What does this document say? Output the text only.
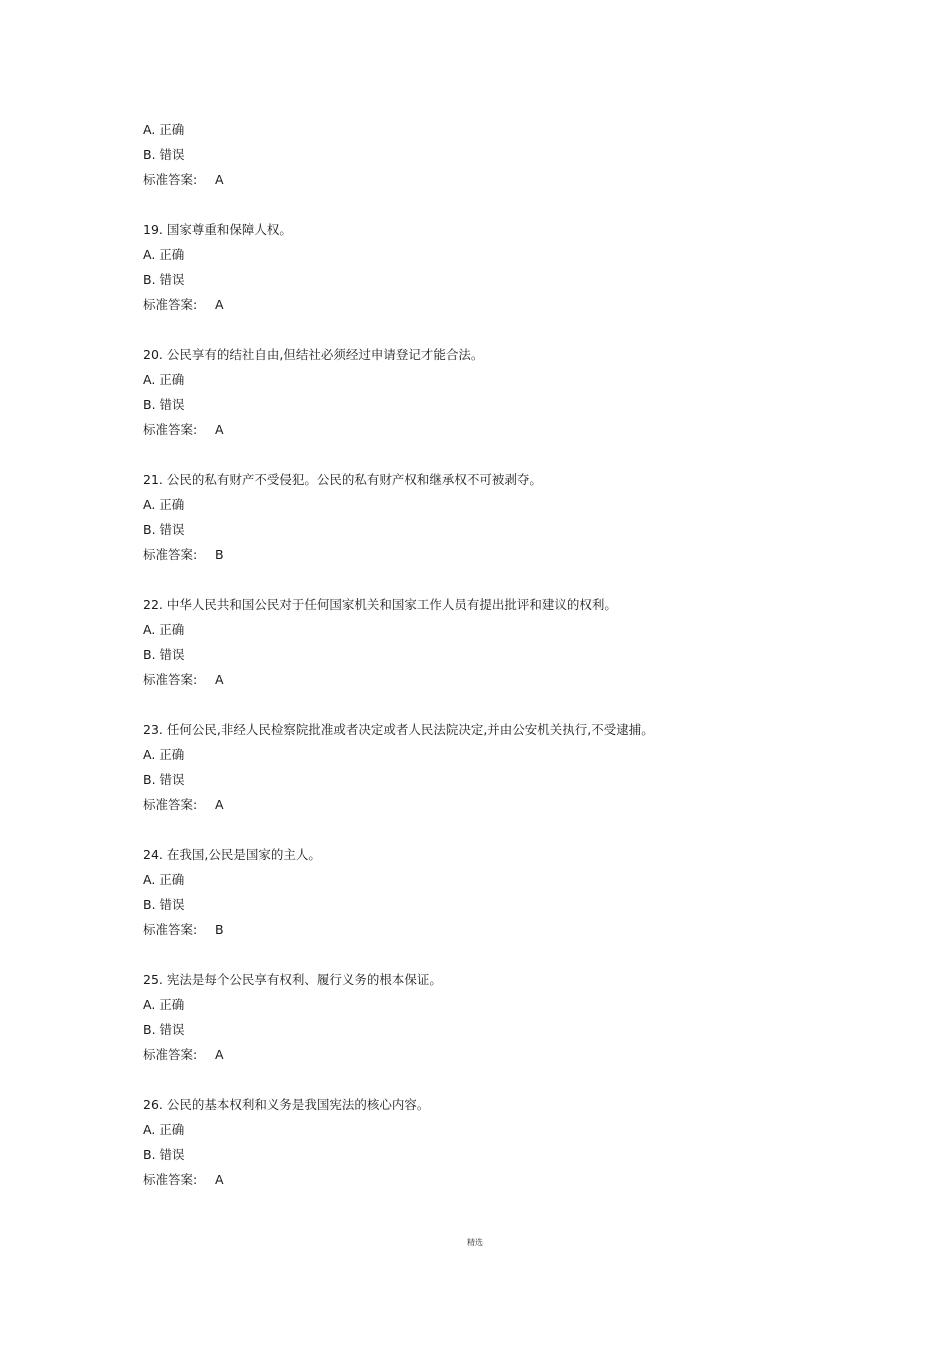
A. 正确
B. 错误
标准答案: A
19. 国家尊重和保障人权。
A. 正确
B. 错误
标准答案: A
20. 公民享有的结社自由,但结社必须经过申请登记才能合法。
A. 正确
B. 错误
标准答案: A
21. 公民的私有财产不受侵犯。公民的私有财产权和继承权不可被剥夺。
A. 正确
B. 错误
标准答案: B
22. 中华人民共和国公民对于任何国家机关和国家工作人员有提出批评和建议的权利。
A. 正确
B. 错误
标准答案: A
23. 任何公民,非经人民检察院批准或者决定或者人民法院决定,并由公安机关执行,不受逮捕。
A. 正确
B. 错误
标准答案: A
24. 在我国,公民是国家的主人。
A. 正确
B. 错误
标准答案: B
25. 宪法是每个公民享有权利、履行义务的根本保证。
A. 正确
B. 错误
标准答案: A
26. 公民的基本权利和义务是我国宪法的核心内容。
A. 正确
B. 错误
标准答案: A
精选
